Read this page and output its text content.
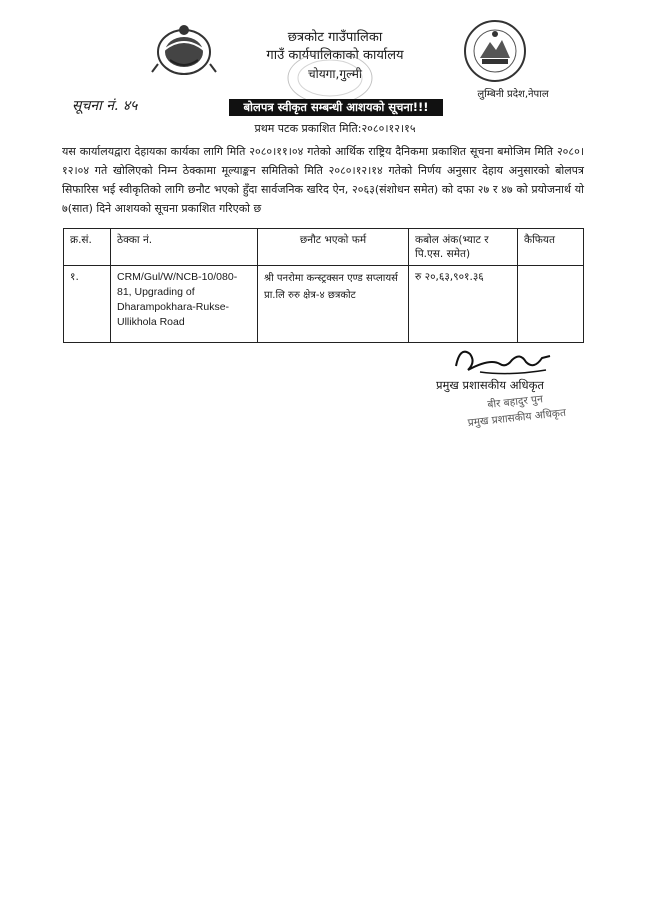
छत्रकोट गाउँपालिका
गाउँ कार्यपालिकाको कार्यालय
चोयगा,गुल्मी
लुम्बिनी प्रदेश,नेपाल
सूचना नं. ४५	बोलपत्र स्वीकृत सम्बन्धी आशयको सूचना!!!
प्रथम पटक प्रकाशित मिति:२०८०।१२।१५
यस कार्यालयद्वारा देहायका कार्यका लागि मिति २०८०।११।०४ गतेको आर्थिक राष्ट्रिय दैनिकमा प्रकाशित सूचना बमोजिम मिति २०८०।१२।०४ गते खोलिएको निम्न ठेक्कामा मूल्याङ्कन समितिको मिति २०८०।१२।१४ गतेको निर्णय अनुसार देहाय अनुसारको बोलपत्र सिफारिस भई स्वीकृतिको लागि छनौट भएको हुँदा सार्वजनिक खरिद ऐन, २०६३(संशोधन समेत) को दफा २७ र ४७ को प्रयोजनार्थ यो ७(सात) दिने आशयको सूचना प्रकाशित गरिएको छ
क्र.सं.	ठेक्का नं.	छनौट भएको फर्म	कबोल अंक(भ्याट र पि.एस. समेत)	कैफियत
१.	CRM/Gul/W/NCB-10/080-81, Upgrading of Dharampokhara-Rukse-Ullikhola Road	श्री पनरोमा कन्स्ट्रक्सन एण्ड सप्लायर्स प्रा.लि रुरु क्षेत्र-४ छत्रकोट	रु २०,६३,९०१.३६	
प्रमुख प्रशासकीय अधिकृत
बीर बहादुर पुन
प्रमुख प्रशासकीय अधिकृत
